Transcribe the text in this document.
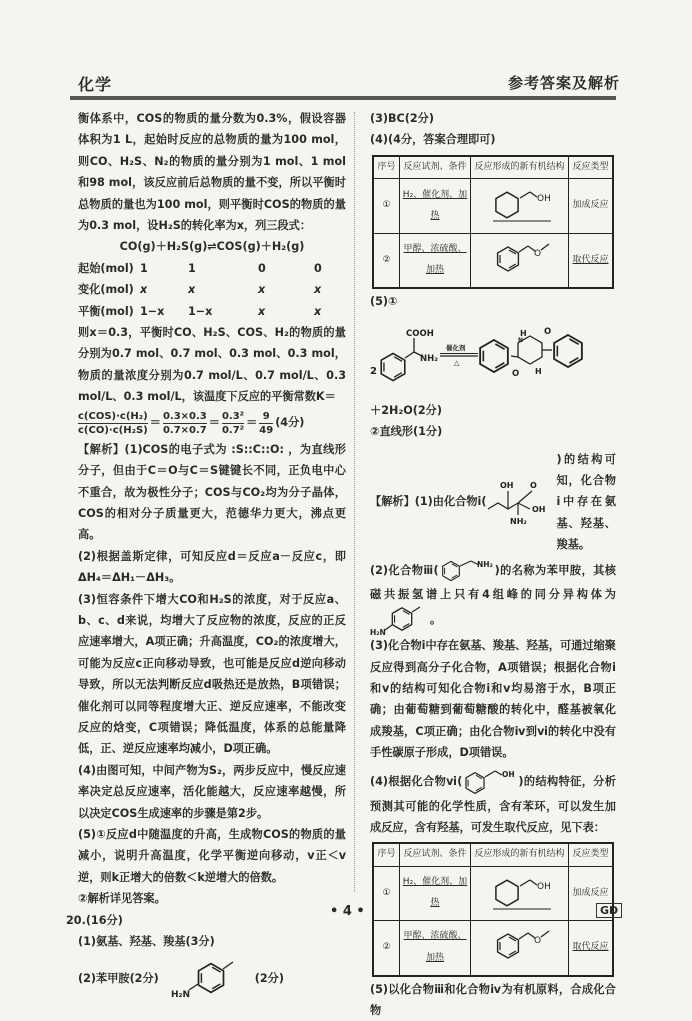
化学	参考答案及解析

衡体系中，COS的物质的量分数为0.3%，假设容器体积为1 L，起始时反应的总物质的量为100 mol，则CO、H₂S、N₂的物质的量分别为1 mol、1 mol和98 mol，该反应前后总物质的量不变，所以平衡时总物质的量也为100 mol，则平衡时COS的物质的量为0.3 mol，设H₂S的转化率为x，列三段式：

CO(g)＋H₂S(g)⇌COS(g)＋H₂(g)

起始(mol) 1	1	0	0
变化(mol) x	x	x	x
平衡(mol) 1−x	1−x	x	x

则x＝0.3，平衡时CO、H₂S、COS、H₂的物质的量分别为0.7 mol、0.7 mol、0.3 mol、0.3 mol，物质的量浓度分别为0.7 mol/L、0.7 mol/L、0.3 mol/L、0.3 mol/L，该温度下反应的平衡常数K＝

$\frac{\text{c(COS)·c(H₂)}}{\text{c(CO)·c(H₂S)}} = \frac{0.3\times 0.3}{0.7\times 0.7} = \frac{\text{0.3²}}{\text{0.7²}} = \frac{9}{49} (4$分)

【解析】(1)COS的电子式为 :S::C::O: ，为直线形分子，但由于C＝O与C＝S键键长不同，正负电中心不重合，故为极性分子；COS与CO₂均为分子晶体，COS的相对分子质量更大，范德华力更大，沸点更高。

(2)根据盖斯定律，可知反应d＝反应a－反应c，即ΔH₄＝ΔH₁－ΔH₃。

(3)恒容条件下增大CO和H₂S的浓度，对于反应a、b、c、d来说，均增大了反应物的浓度，反应的正反应速率增大，A项正确；升高温度，CO₂的浓度增大，可能为反应c正向移动导致，也可能是反应d逆向移动导致，所以无法判断反应d吸热还是放热，B项错误；催化剂可以同等程度增大正、逆反应速率，不能改变反应的焓变，C项错误；降低温度，体系的总能量降低，正、逆反应速率均减小，D项正确。

(4)由图可知，中间产物为S₂，两步反应中，慢反应速率决定总反应速率，活化能越大，反应速率越慢，所以决定COS生成速率的步骤是第2步。

(5)①反应d中随温度的升高，生成物COS的物质的量减小，说明升高温度，化学平衡逆向移动，v正＜v逆，则k正增大的倍数＜k逆增大的倍数。

②解析详见答案。

20.(16分)

(1)氨基、羟基、羧基(3分)

(2)苯甲胺(2分)
H₂N
(2分)

(3)BC(2分)

(4)(4分，答案合理即可)

序号	反应试剂、条件	反应形成的新有机结构	反应类型
①	H₂、催化剂、加热	OH	加成反应
②	甲醇、浓硫酸、加热	O	取代反应

(5)①

2
COOH
NH₂
催化剂
△
H
N
O
O H

＋2H₂O(2分)

②直线形(1分)

【解析】(1)由化合物ⅰ(
OH O
OH
NH₂
)的结构可知，化合物ⅰ中存在氨基、羟基、羧基。
(2)化合物ⅲ(	NH₂ )的名称为苯甲胺，其核磁共振氢谱上只有4组峰的同分异构体为
H₂N
。

(3)化合物ⅰ中存在氨基、羧基、羟基，可通过缩聚反应得到高分子化合物，A项错误；根据化合物ⅰ和ⅴ的结构可知化合物ⅰ和ⅴ均易溶于水，B项正确；由葡萄糖到葡萄糖酸的转化中，醛基被氧化成羧基，C项正确；由化合物ⅳ到ⅵ的转化中没有手性碳原子形成，D项错误。

(4)根据化合物ⅵ(
OH
)的结构特征，分析预测其可能的化学性质，含有苯环，可以发生加成反应，含有羟基，可发生取代反应，见下表：
序号	反应试剂、条件	反应形成的新有机结构	反应类型
①	H₂、催化剂、加热	OH	加成反应
②	甲醇、浓硫酸、加热	O	取代反应

(5)以化合物ⅲ和化合物ⅳ为有机原料，合成化合物

• 4 •	GD
